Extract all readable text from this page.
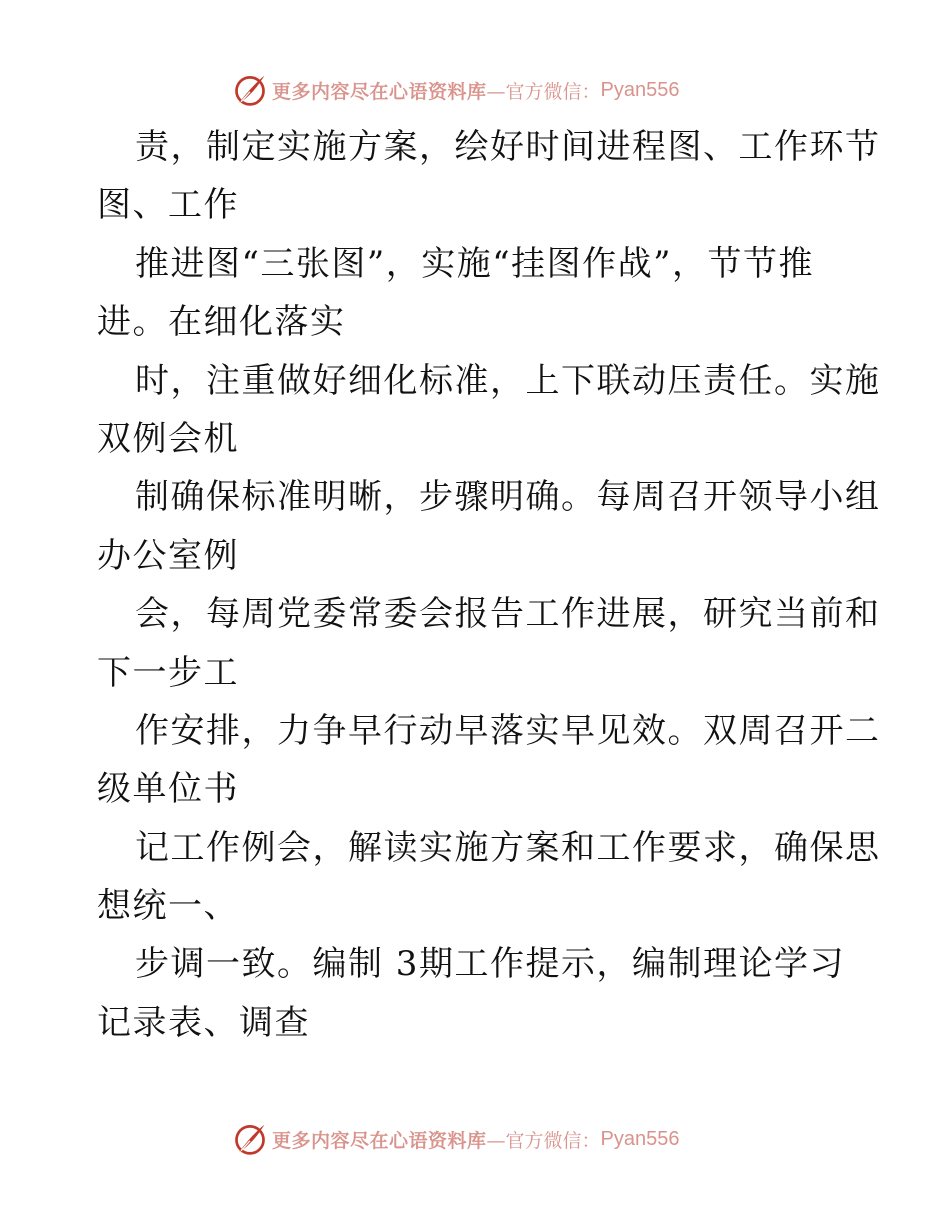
更多内容尽在心语资料库 —官方微信： Pyan556
责，制定实施方案，绘好时间进程图、工作环节
图、工作
推进图“三张图”，实施“挂图作战”，节节推
进。在细化落实
时，注重做好细化标准，上下联动压责任。实施
双例会机
制确保标准明晰，步骤明确。每周召开领导小组
办公室例
会，每周党委常委会报告工作进展，研究当前和
下一步工
作安排，力争早行动早落实早见效。双周召开二
级单位书
记工作例会，解读实施方案和工作要求，确保思
想统一、
步调一致。编制 3期工作提示，编制理论学习
记录表、调查
更多内容尽在心语资料库 —官方微信： Pyan556
